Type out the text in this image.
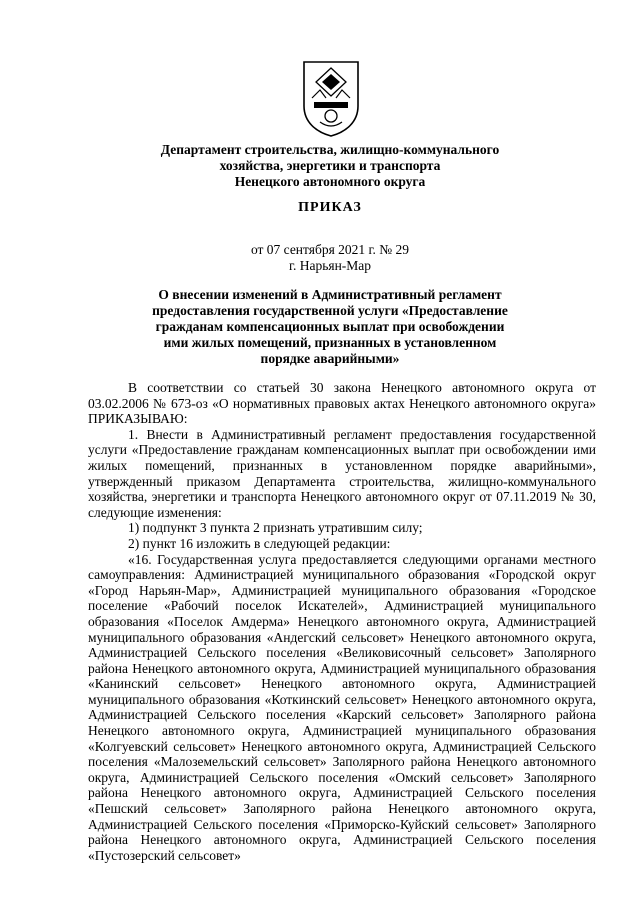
Департамент строительства, жилищно-коммунального
хозяйства, энергетики и транспорта
Ненецкого автономного округа
ПРИКАЗ
от 07 сентября 2021 г. № 29
г. Нарьян-Мар
О внесении изменений в Административный регламент
предоставления государственной услуги «Предоставление
гражданам компенсационных выплат при освобождении
ими жилых помещений, признанных в установленном
порядке аварийными»

В соответствии со статьей 30 закона Ненецкого автономного округа от 03.02.2006 № 673-оз «О нормативных правовых актах Ненецкого автономного округа» ПРИКАЗЫВАЮ:

1. Внести в Административный регламент предоставления государственной услуги «Предоставление гражданам компенсационных выплат при освобождении ими жилых помещений, признанных в установленном порядке аварийными», утвержденный приказом Департамента строительства, жилищно-коммунального хозяйства, энергетики и транспорта Ненецкого автономного округ от 07.11.2019 № 30, следующие изменения:

1) подпункт 3 пункта 2 признать утратившим силу;

2) пункт 16 изложить в следующей редакции:

«16. Государственная услуга предоставляется следующими органами местного самоуправления: Администрацией муниципального образования «Городской округ «Город Нарьян-Мар», Администрацией муниципального образования «Городское поселение «Рабочий поселок Искателей», Администрацией муниципального образования «Поселок Амдерма» Ненецкого автономного округа, Администрацией муниципального образования «Андегский сельсовет» Ненецкого автономного округа, Администрацией Сельского поселения «Великовисочный сельсовет» Заполярного района Ненецкого автономного округа, Администрацией муниципального образования «Канинский сельсовет» Ненецкого автономного округа, Администрацией муниципального образования «Коткинский сельсовет» Ненецкого автономного округа, Администрацией Сельского поселения «Карский сельсовет» Заполярного района Ненецкого автономного округа, Администрацией муниципального образования «Колгуевский сельсовет» Ненецкого автономного округа, Администрацией Сельского поселения «Малоземельский сельсовет» Заполярного района Ненецкого автономного округа, Администрацией Сельского поселения «Омский сельсовет» Заполярного района Ненецкого автономного округа, Администрацией Сельского поселения «Пешский сельсовет» Заполярного района Ненецкого автономного округа, Администрацией Сельского поселения «Приморско-Куйский сельсовет» Заполярного района Ненецкого автономного округа, Администрацией Сельского поселения «Пустозерский сельсовет»
